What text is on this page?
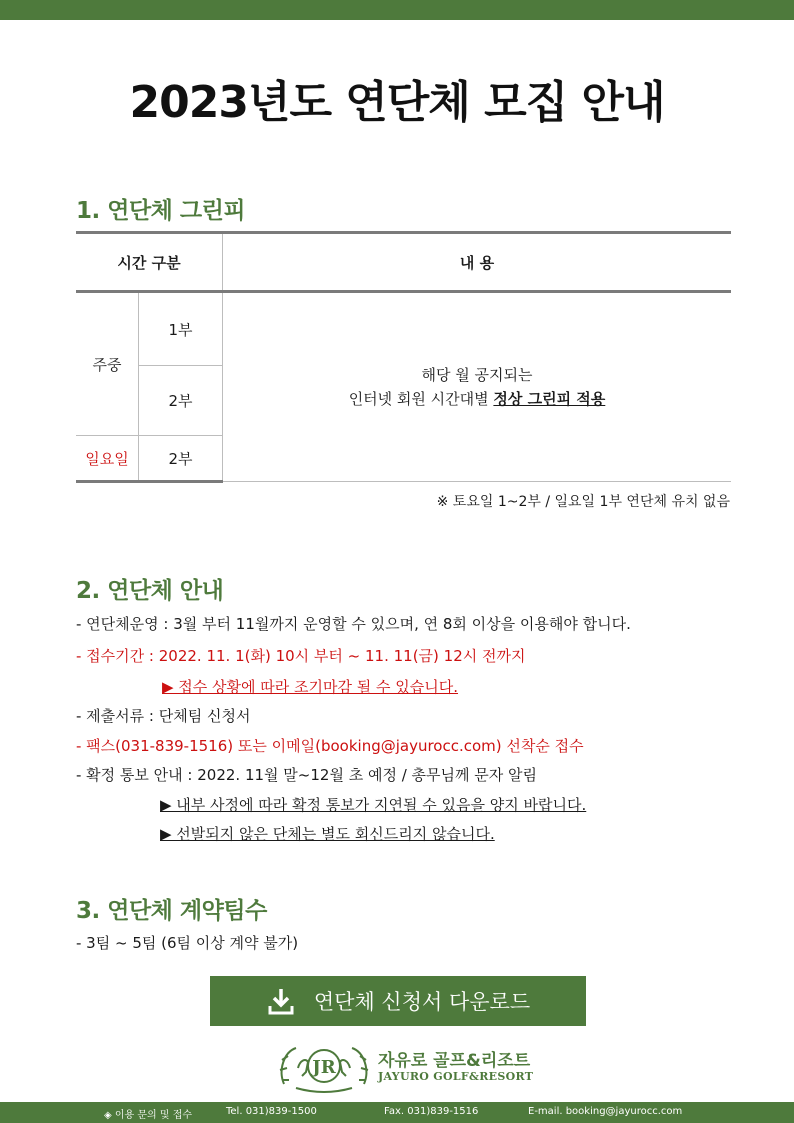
2023년도 연단체 모집 안내
1. 연단체 그린피
시간 구분		내 용
주중	1부	해당 월 공지되는
인터넷 회원 시간대별 정상 그린피 적용

	2부	
일요일	2부	
※ 토요일 1~2부 / 일요일 1부 연단체 유치 없음
2. 연단체 안내
- 연단체운영 : 3월 부터 11월까지 운영할 수 있으며, 연 8회 이상을 이용해야 합니다.
- 접수기간 : 2022. 11. 1(화) 10시 부터 ~ 11. 11(금) 12시 전까지
▶ 접수 상황에 따라 조기마감 될 수 있습니다.
- 제출서류 : 단체팀 신청서
- 팩스(031-839-1516) 또는 이메일(booking@jayurocc.com) 선착순 접수
- 확정 통보 안내 : 2022. 11월 말~12월 초 예정 / 총무님께 문자 알림
▶ 내부 사정에 따라 확정 통보가 지연될 수 있음을 양지 바랍니다.
▶ 선발되지 않은 단체는 별도 회신드리지 않습니다.
3. 연단체 계약팀수
- 3팀 ~ 5팀 (6팀 이상 계약 불가)
연단체 신청서 다운로드
JR 자유로 골프&리조트
JAYURO GOLF&RESORT
◈ 이용 문의 및 접수	Tel. 031)839-1500	Fax. 031)839-1516	E-mail. booking@jayurocc.com
